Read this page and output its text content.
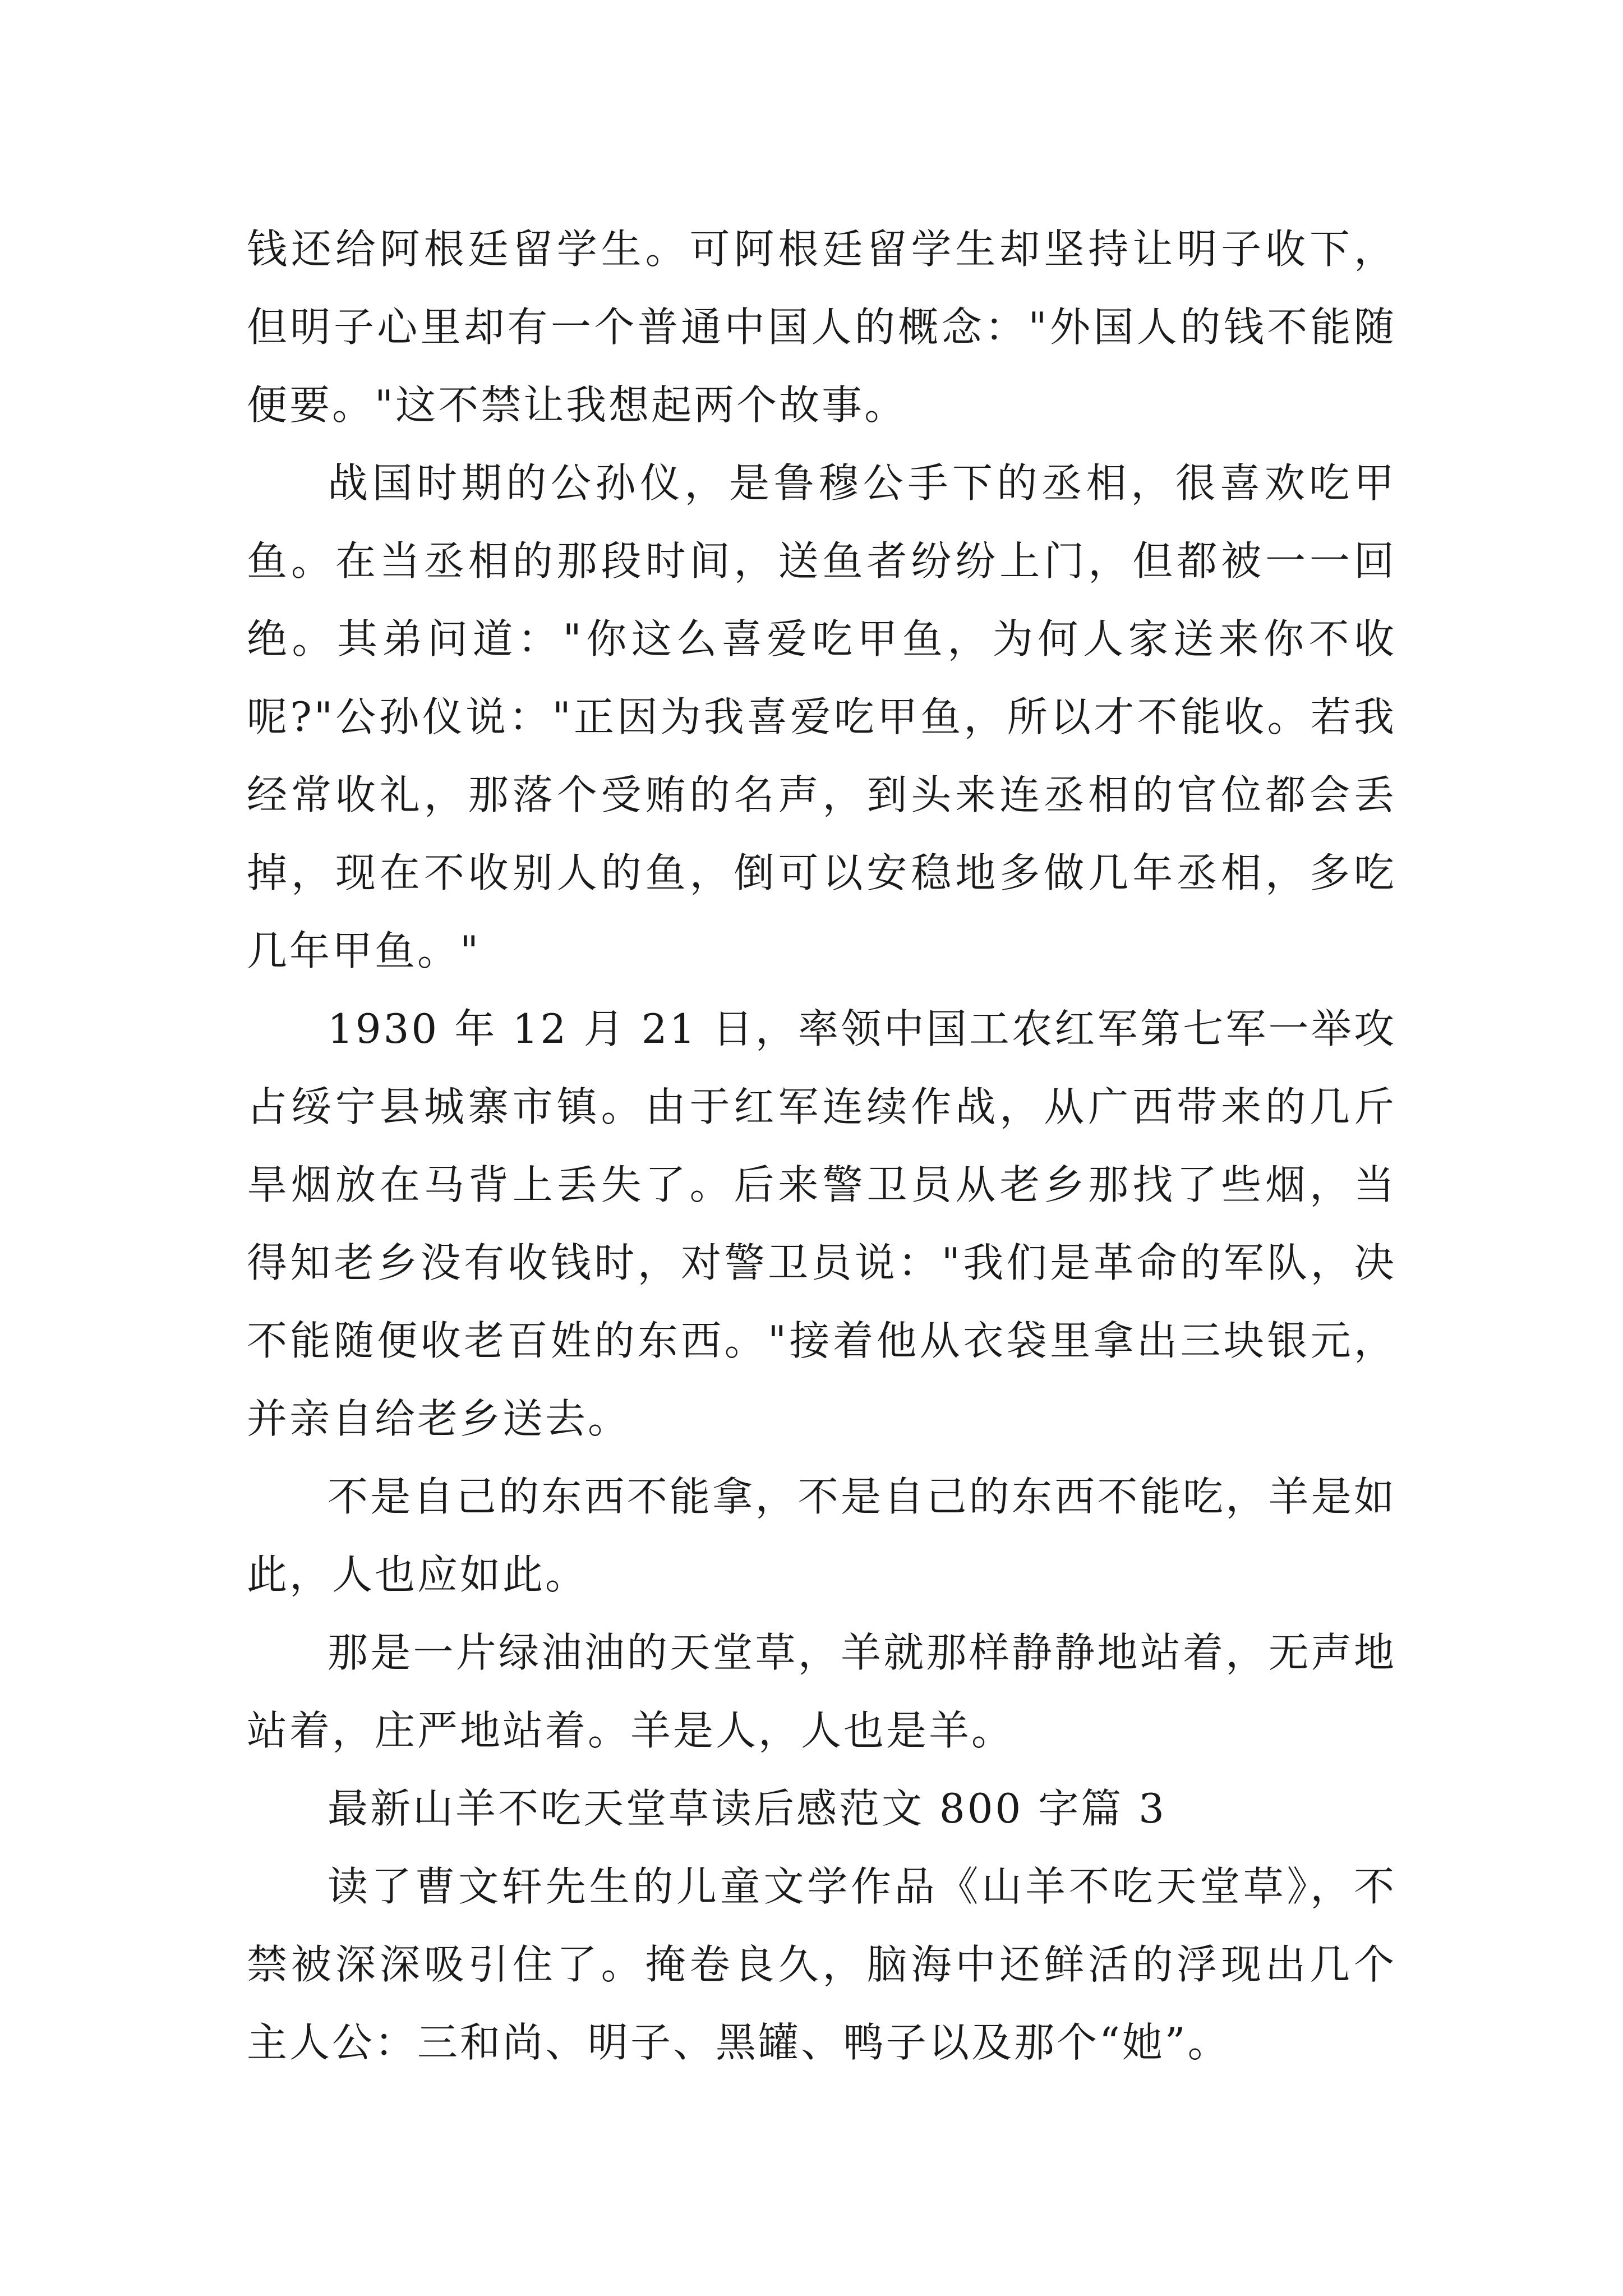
钱还给阿根廷留学生。可阿根廷留学生却坚持让明子收下，但明子心里却有一个普通中国人的概念："外国人的钱不能随便要。"这不禁让我想起两个故事。

战国时期的公孙仪，是鲁穆公手下的丞相，很喜欢吃甲鱼。在当丞相的那段时间，送鱼者纷纷上门，但都被一一回绝。其弟问道："你这么喜爱吃甲鱼，为何人家送来你不收呢?"公孙仪说："正因为我喜爱吃甲鱼，所以才不能收。若我经常收礼，那落个受贿的名声，到头来连丞相的官位都会丢掉，现在不收别人的鱼，倒可以安稳地多做几年丞相，多吃几年甲鱼。"

1930 年 12 月 21 日，率领中国工农红军第七军一举攻占绥宁县城寨市镇。由于红军连续作战，从广西带来的几斤旱烟放在马背上丢失了。后来警卫员从老乡那找了些烟，当得知老乡没有收钱时，对警卫员说："我们是革命的军队，决不能随便收老百姓的东西。"接着他从衣袋里拿出三块银元，并亲自给老乡送去。

不是自己的东西不能拿，不是自己的东西不能吃，羊是如此，人也应如此。

那是一片绿油油的天堂草，羊就那样静静地站着，无声地站着，庄严地站着。羊是人，人也是羊。

最新山羊不吃天堂草读后感范文 800 字篇 3

读了曹文轩先生的儿童文学作品《山羊不吃天堂草》，不禁被深深吸引住了。掩卷良久，脑海中还鲜活的浮现出几个主人公：三和尚、明子、黑罐、鸭子以及那个“她”。
